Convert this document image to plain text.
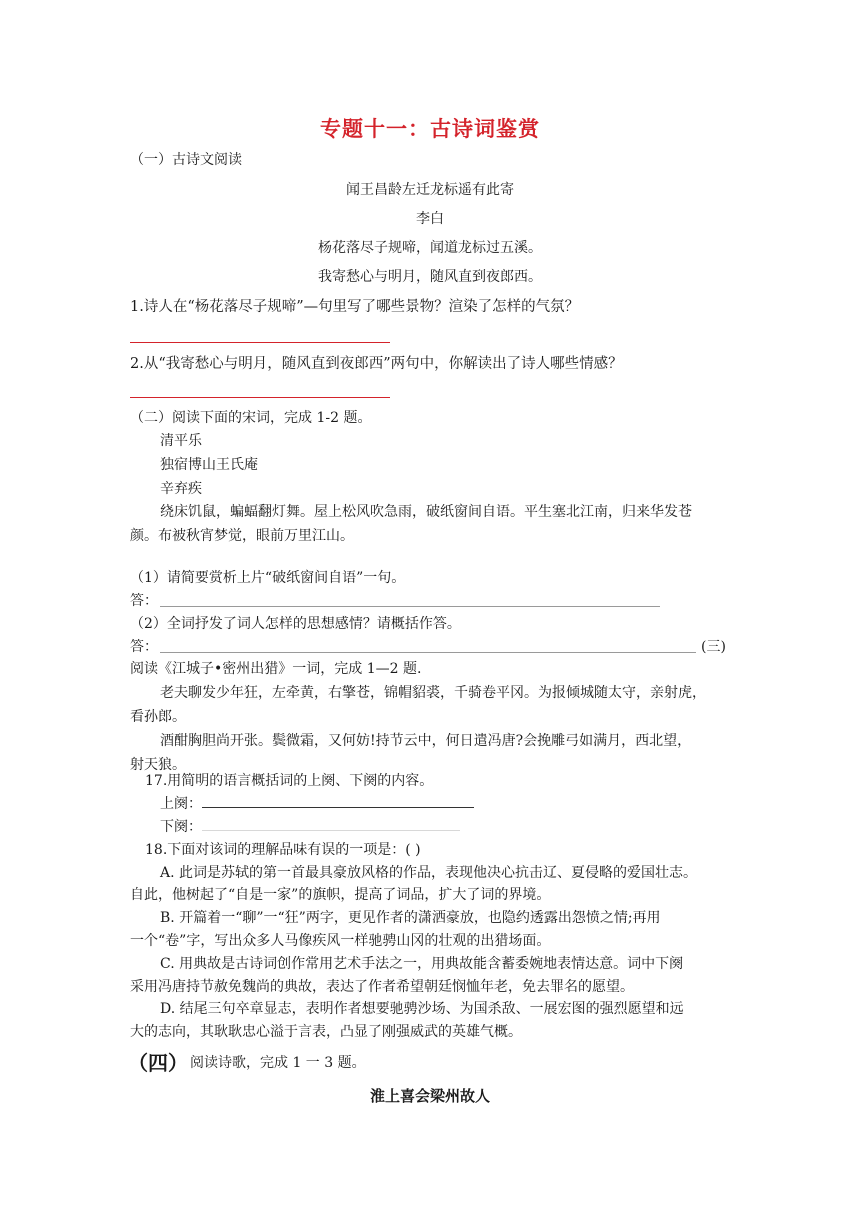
专题十一：古诗词鉴赏
（一）古诗文阅读
闻王昌龄左迁龙标遥有此寄
李白
杨花落尽子规啼，闻道龙标过五溪。
我寄愁心与明月，随风直到夜郎西。
1.诗人在“杨花落尽子规啼”—句里写了哪些景物？渲染了怎样的气氛？
2.从“我寄愁心与明月，随风直到夜郎西”两句中，你解读出了诗人哪些情感？
（二）阅读下面的宋词，完成 1-2 题。
清平乐
独宿博山王氏庵
辛弃疾
绕床饥鼠，蝙蝠翻灯舞。屋上松风吹急雨，破纸窗间自语。平生塞北江南，归来华发苍
颜。布被秋宵梦觉，眼前万里江山。
（1）请简要赏析上片“破纸窗间自语”一句。
答：
（2）全词抒发了词人怎样的思想感情？请概括作答。
答：	(三)
阅读《江城子•密州出猎》一词，完成 1—2 题.
老夫聊发少年狂，左牵黄，右擎苍，锦帽貂裘，千骑卷平冈。为报倾城随太守，亲射虎，
看孙郎。
酒酣胸胆尚开张。鬓微霜，又何妨!持节云中，何日遣冯唐?会挽雕弓如满月，西北望，
射天狼。
17.用简明的语言概括词的上阕、下阕的内容。
上阕：
下阕：
18.下面对该词的理解品味有误的一项是：( )
A. 此词是苏轼的第一首最具豪放风格的作品，表现他决心抗击辽、夏侵略的爱国壮志。
自此，他树起了“自是一家”的旗帜，提高了词品，扩大了词的界境。
B. 开篇着一“聊”一“狂”两字，更见作者的潇洒豪放，也隐约透露出怨愤之情;再用
一个“卷”字，写出众多人马像疾风一样驰骋山冈的壮观的出猎场面。
C. 用典故是古诗词创作常用艺术手法之一，用典故能含蓄委婉地表情达意。词中下阕
采用冯唐持节赦免魏尚的典故，表达了作者希望朝廷悯恤年老，免去罪名的愿望。
D. 结尾三句卒章显志，表明作者想要驰骋沙场、为国杀敌、一展宏图的强烈愿望和远
大的志向，其耿耿忠心溢于言表，凸显了刚强威武的英雄气概。
（四） 阅读诗歌，完成 1 一 3 题。
淮上喜会梁州故人
